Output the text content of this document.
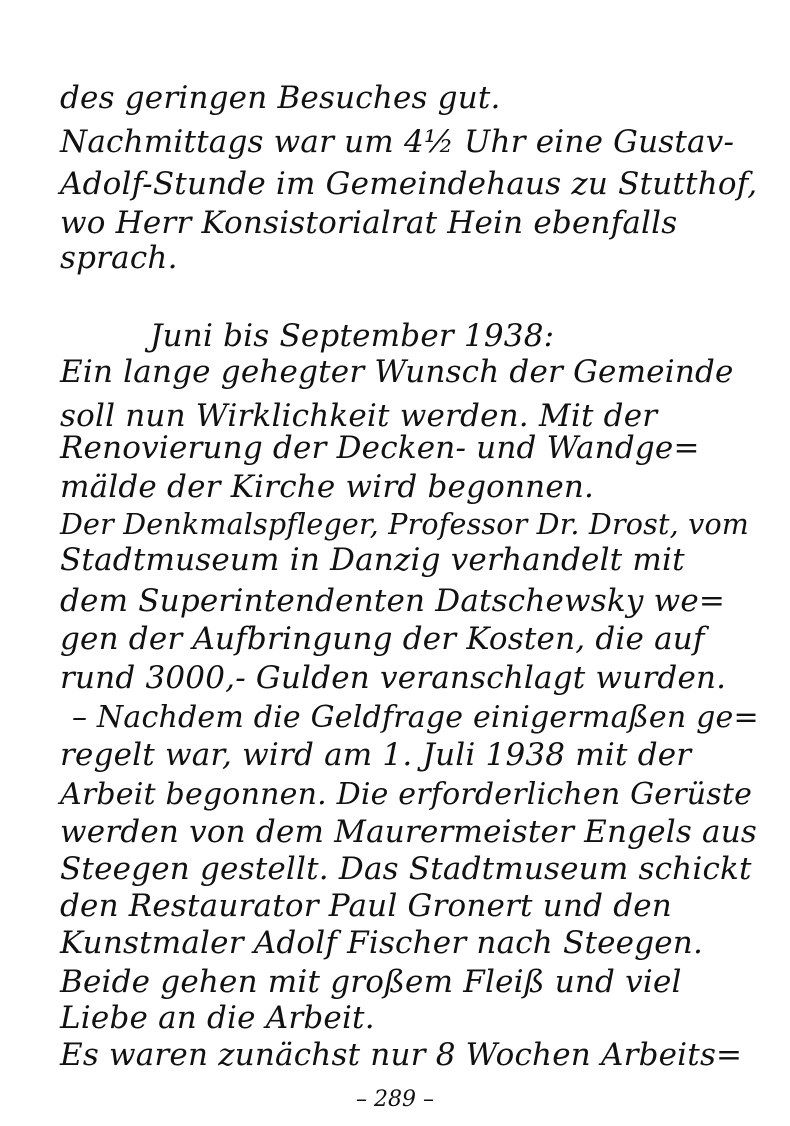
des geringen Besuches gut.
Nachmittags war um 4½ Uhr eine Gustav-
Adolf-Stunde im Gemeindehaus zu Stutthof,
wo Herr Konsistorialrat Hein ebenfalls
sprach.
Juni bis September 1938:
Ein lange gehegter Wunsch der Gemeinde
soll nun Wirklichkeit werden. Mit der
Renovierung der Decken- und Wandge=
mälde der Kirche wird begonnen.
Der Denkmalspfleger, Professor Dr. Drost, vom
Stadtmuseum in Danzig verhandelt mit
dem Superintendenten Datschewsky we=
gen der Aufbringung der Kosten, die auf
rund 3000,- Gulden veranschlagt wurden.
– Nachdem die Geldfrage einigermaßen ge=
regelt war, wird am 1. Juli 1938 mit der
Arbeit begonnen. Die erforderlichen Gerüste
werden von dem Maurermeister Engels aus
Steegen gestellt. Das Stadtmuseum schickt
den Restaurator Paul Gronert und den
Kunstmaler Adolf Fischer nach Steegen.
Beide gehen mit großem Fleiß und viel
Liebe an die Arbeit.
Es waren zunächst nur 8 Wochen Arbeits=
– 289 –
